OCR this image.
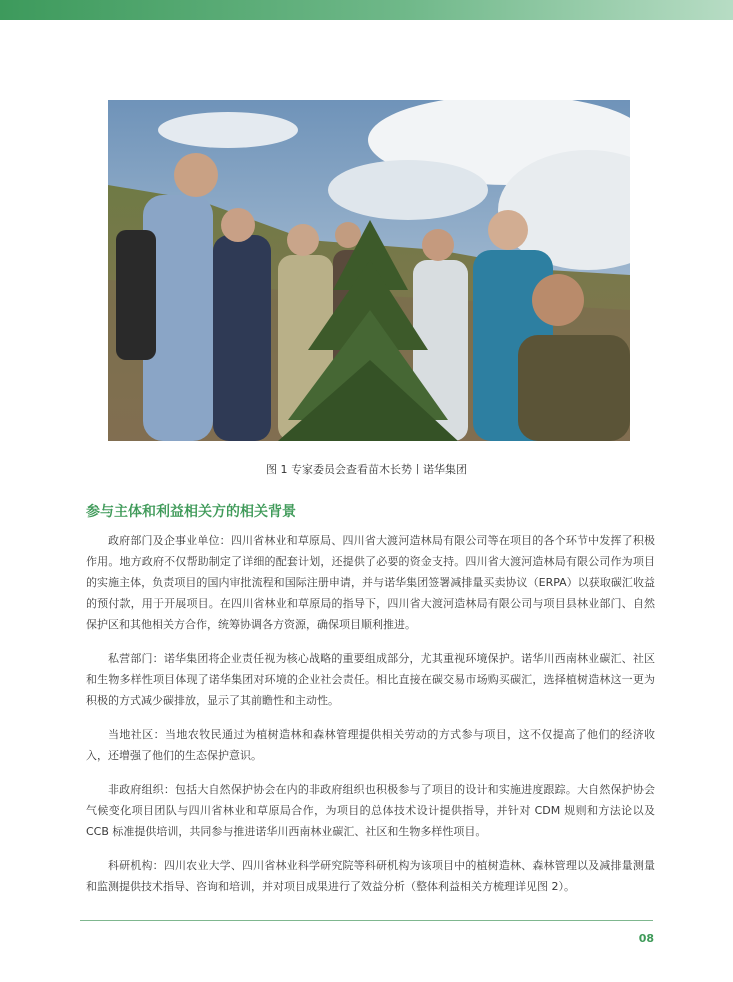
图 1 专家委员会查看苗木长势丨诺华集团
参与主体和利益相关方的相关背景

政府部门及企事业单位：四川省林业和草原局、四川省大渡河造林局有限公司等在项目的各个环节中发挥了积极作用。地方政府不仅帮助制定了详细的配套计划，还提供了必要的资金支持。四川省大渡河造林局有限公司作为项目的实施主体，负责项目的国内审批流程和国际注册申请，并与诺华集团签署减排量买卖协议（ERPA）以获取碳汇收益的预付款，用于开展项目。在四川省林业和草原局的指导下，四川省大渡河造林局有限公司与项目县林业部门、自然保护区和其他相关方合作，统筹协调各方资源，确保项目顺利推进。

私营部门：诺华集团将企业责任视为核心战略的重要组成部分，尤其重视环境保护。诺华川西南林业碳汇、社区和生物多样性项目体现了诺华集团对环境的企业社会责任。相比直接在碳交易市场购买碳汇，选择植树造林这一更为积极的方式减少碳排放，显示了其前瞻性和主动性。

当地社区：当地农牧民通过为植树造林和森林管理提供相关劳动的方式参与项目，这不仅提高了他们的经济收入，还增强了他们的生态保护意识。

非政府组织：包括大自然保护协会在内的非政府组织也积极参与了项目的设计和实施进度跟踪。大自然保护协会气候变化项目团队与四川省林业和草原局合作，为项目的总体技术设计提供指导，并针对 CDM 规则和方法论以及 CCB 标准提供培训，共同参与推进诺华川西南林业碳汇、社区和生物多样性项目。

科研机构：四川农业大学、四川省林业科学研究院等科研机构为该项目中的植树造林、森林管理以及减排量测量和监测提供技术指导、咨询和培训，并对项目成果进行了效益分析（整体利益相关方梳理详见图 2）。

08
